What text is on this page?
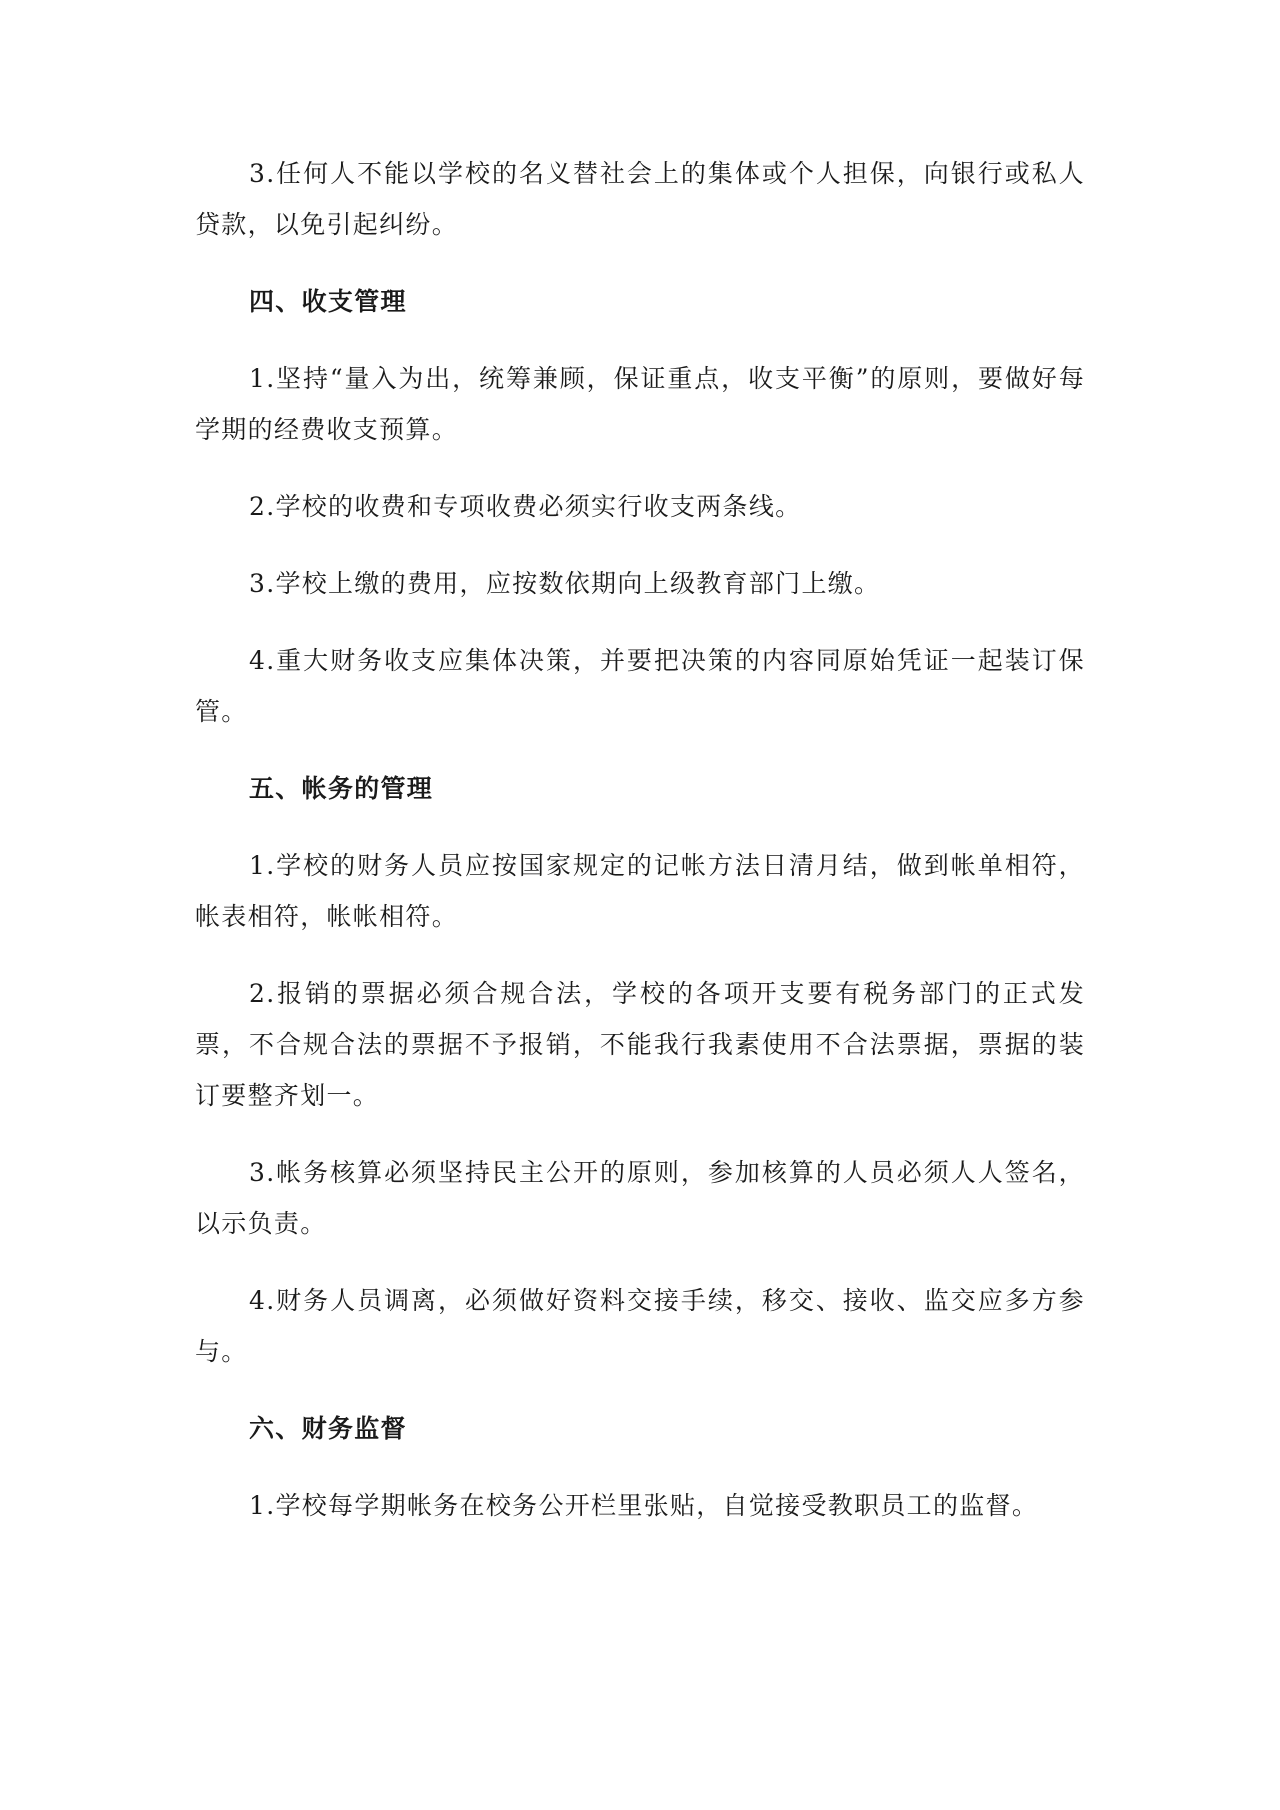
3.任何人不能以学校的名义替社会上的集体或个人担保，向银行或私人贷款，以免引起纠纷。

四、收支管理

1.坚持“量入为出，统筹兼顾，保证重点，收支平衡”的原则，要做好每学期的经费收支预算。

2.学校的收费和专项收费必须实行收支两条线。

3.学校上缴的费用，应按数依期向上级教育部门上缴。

4.重大财务收支应集体决策，并要把决策的内容同原始凭证一起装订保管。

五、帐务的管理

1.学校的财务人员应按国家规定的记帐方法日清月结，做到帐单相符，帐表相符，帐帐相符。

2.报销的票据必须合规合法，学校的各项开支要有税务部门的正式发票，不合规合法的票据不予报销，不能我行我素使用不合法票据，票据的装订要整齐划一。

3.帐务核算必须坚持民主公开的原则，参加核算的人员必须人人签名，以示负责。

4.财务人员调离，必须做好资料交接手续，移交、接收、监交应多方参与。

六、财务监督

1.学校每学期帐务在校务公开栏里张贴，自觉接受教职员工的监督。
